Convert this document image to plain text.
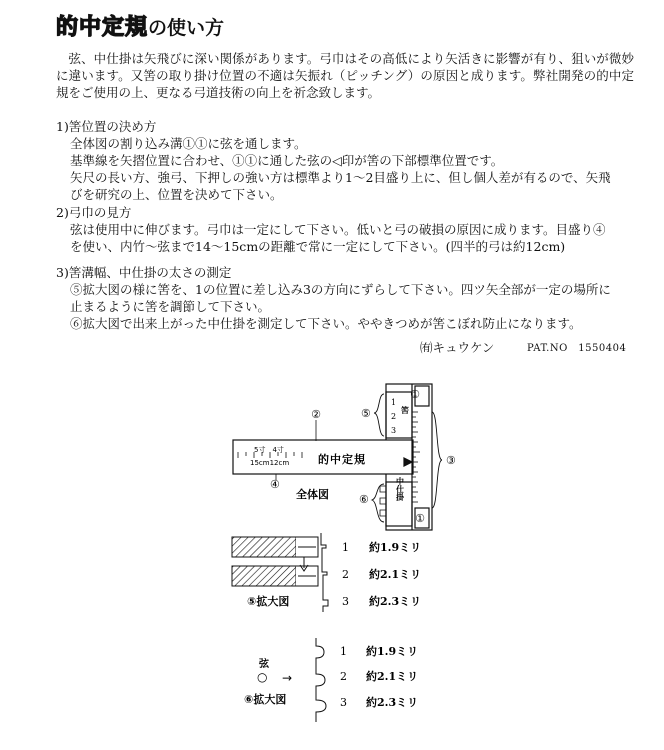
的中定規の使い方
弦、中仕掛は矢飛びに深い関係があります。弓巾はその高低により矢活きに影響が有り、狙いが微妙に違います。又筈の取り掛け位置の不適は矢振れ（ピッチング）の原因と成ります。弊社開発の的中定規をご使用の上、更なる弓道技術の向上を祈念致します。

1)筈位置の決め方

全体図の割り込み溝①①に弦を通します。

基準線を矢摺位置に合わせ、①①に通した弦の◁印が筈の下部標準位置です。

矢尺の長い方、強弓、下押しの強い方は標準より1～2目盛り上に、但し個人差が有るので、矢飛

びを研究の上、位置を決めて下さい。

2)弓巾の見方

弦は使用中に伸びます。弓巾は一定にして下さい。低いと弓の破損の原因に成ります。目盛り④

を使い、内竹～弦まで14～15cmの距離で常に一定にして下さい。(四半的弓は約12cm)

3)筈溝幅、中仕掛の太さの測定

⑤拡大図の様に筈を、1の位置に差し込み3の方向にずらして下さい。四ツ矢全部が一定の場所に

止まるように筈を調節して下さい。

⑥拡大図で出来上がった中仕掛を測定して下さい。ややきつめが筈こぼれ防止になります。

㈲キュウケン	PAT.NO　1550404
①
①
②
③
④
⑤
⑥
1
2
3
筈
中仕掛
5寸　4寸
15cm12cm	的中定規
全体図
1
2
3
約1.9ミリ
約2.1ミリ
約2.3ミリ
⑤拡大図
1
2
3
約1.9ミリ
約2.1ミリ
約2.3ミリ
弦
○ →
⑥拡大図
